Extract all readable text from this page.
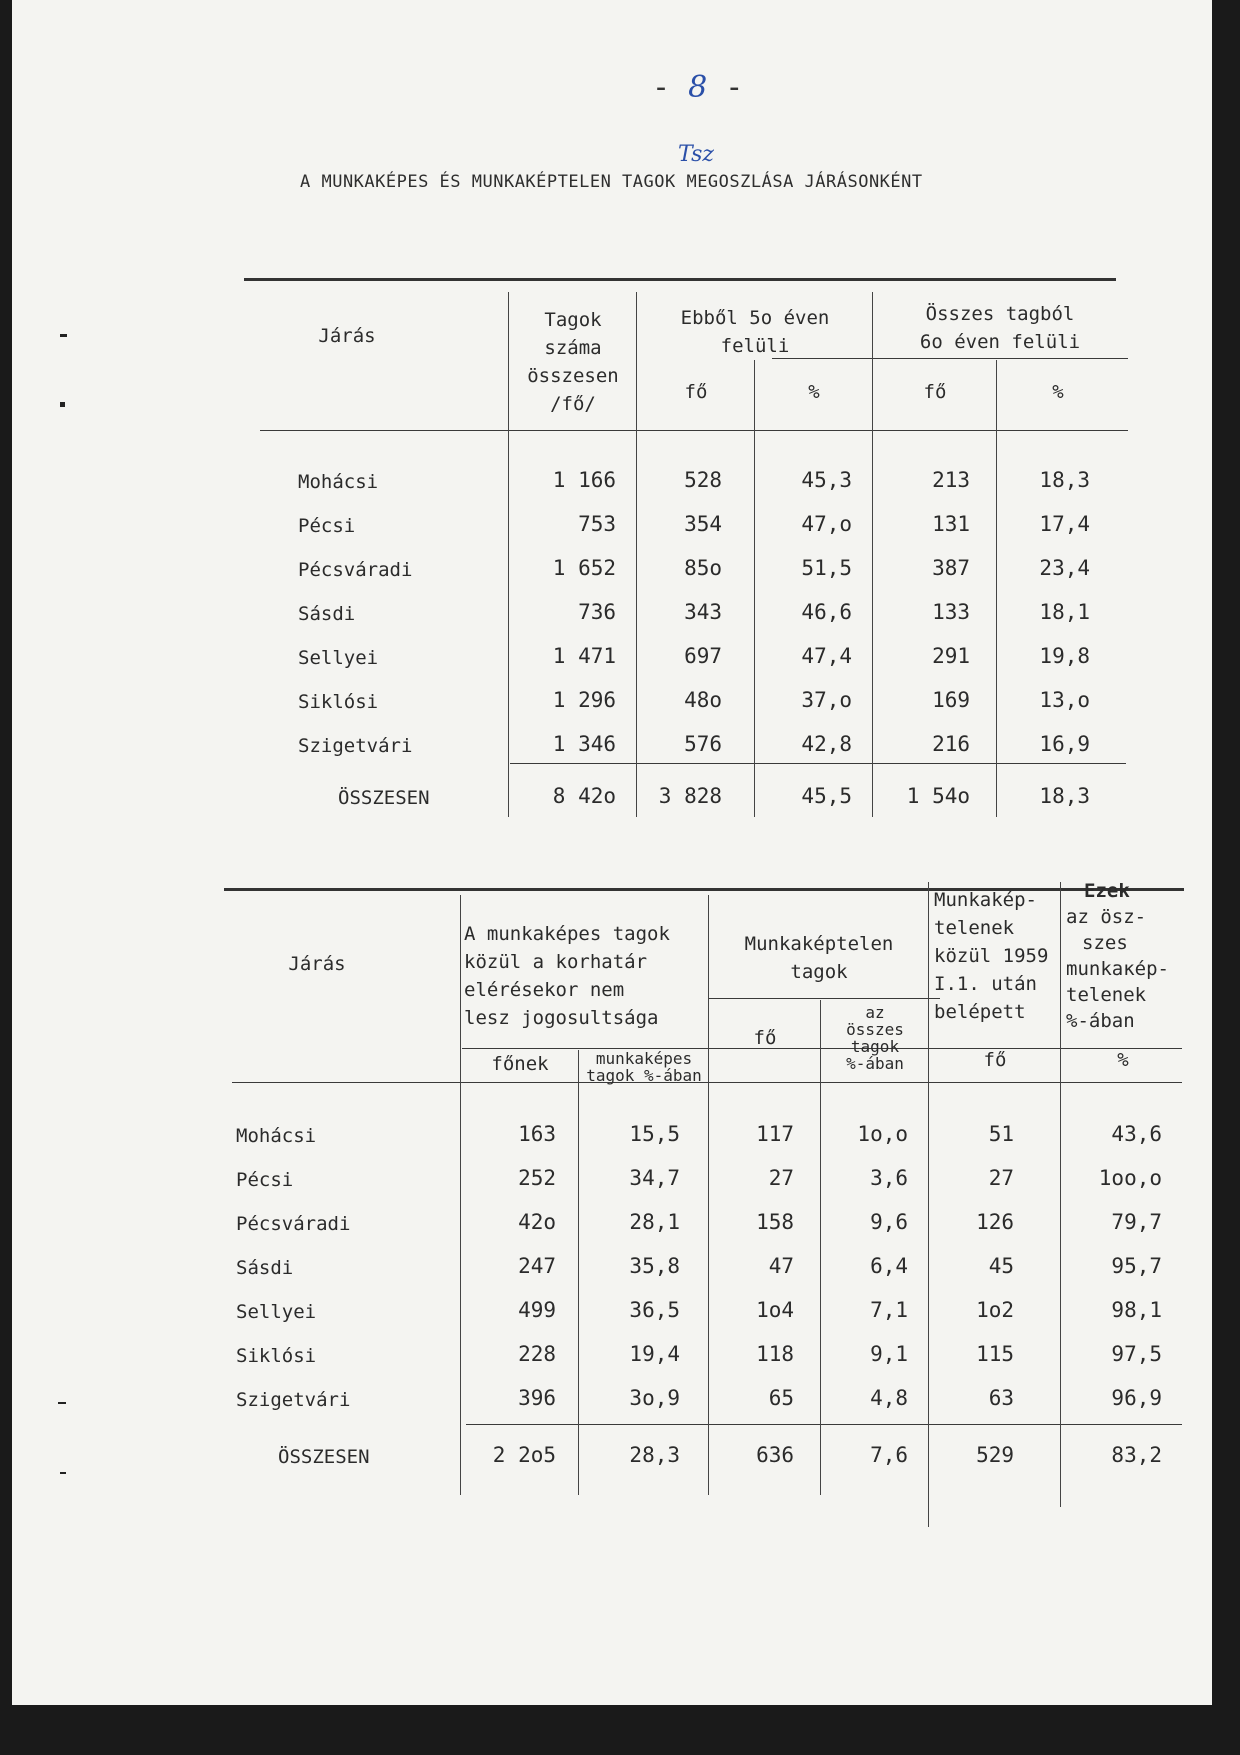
- 8 -
Tsz
A MUNKAKÉPES ÉS MUNKAKÉPTELEN TAGOK MEGOSZLÁSA JÁRÁSONKÉNT
Járás
Tagok
száma
összesen
/fő/
Ebből 5o éven
felüli
Összes tagból
6o éven felüli
fő	%	fő	%
Mohácsi	1 166	528	45,3	213	18,3
Pécsi	753	354	47,o	131	17,4
Pécsváradi	1 652	85o	51,5	387	23,4
Sásdi	736	343	46,6	133	18,1
Sellyei	1 471	697	47,4	291	19,8
Siklósi	1 296	48o	37,o	169	13,o
Szigetvári	1 346	576	42,8	216	16,9
ÖSSZESEN	8 42o	3 828	45,5	1 54o	18,3
Járás
A munkaképes tagok
közül a korhatár
elérésekor nem
lesz jogosultsága
főnek	munkaképes
tagok %-ában
Munkaképtelen
tagok
fő
az
összes
tagok
%-ában
Munkakép-
telenek
közül 1959
I.1. után
belépett
fő
Ezek
az ösz-
szes
munkaкép-
telenek
%-ában
%
Mohácsi	163	15,5	117	1o,o	51	43,6
Pécsi	252	34,7	27	3,6	27	1oo,o
Pécsváradi	42o	28,1	158	9,6	126	79,7
Sásdi	247	35,8	47	6,4	45	95,7
Sellyei	499	36,5	1o4	7,1	1o2	98,1
Siklósi	228	19,4	118	9,1	115	97,5
Szigetvári	396	3o,9	65	4,8	63	96,9
ÖSSZESEN	2 2o5	28,3	636	7,6	529	83,2
